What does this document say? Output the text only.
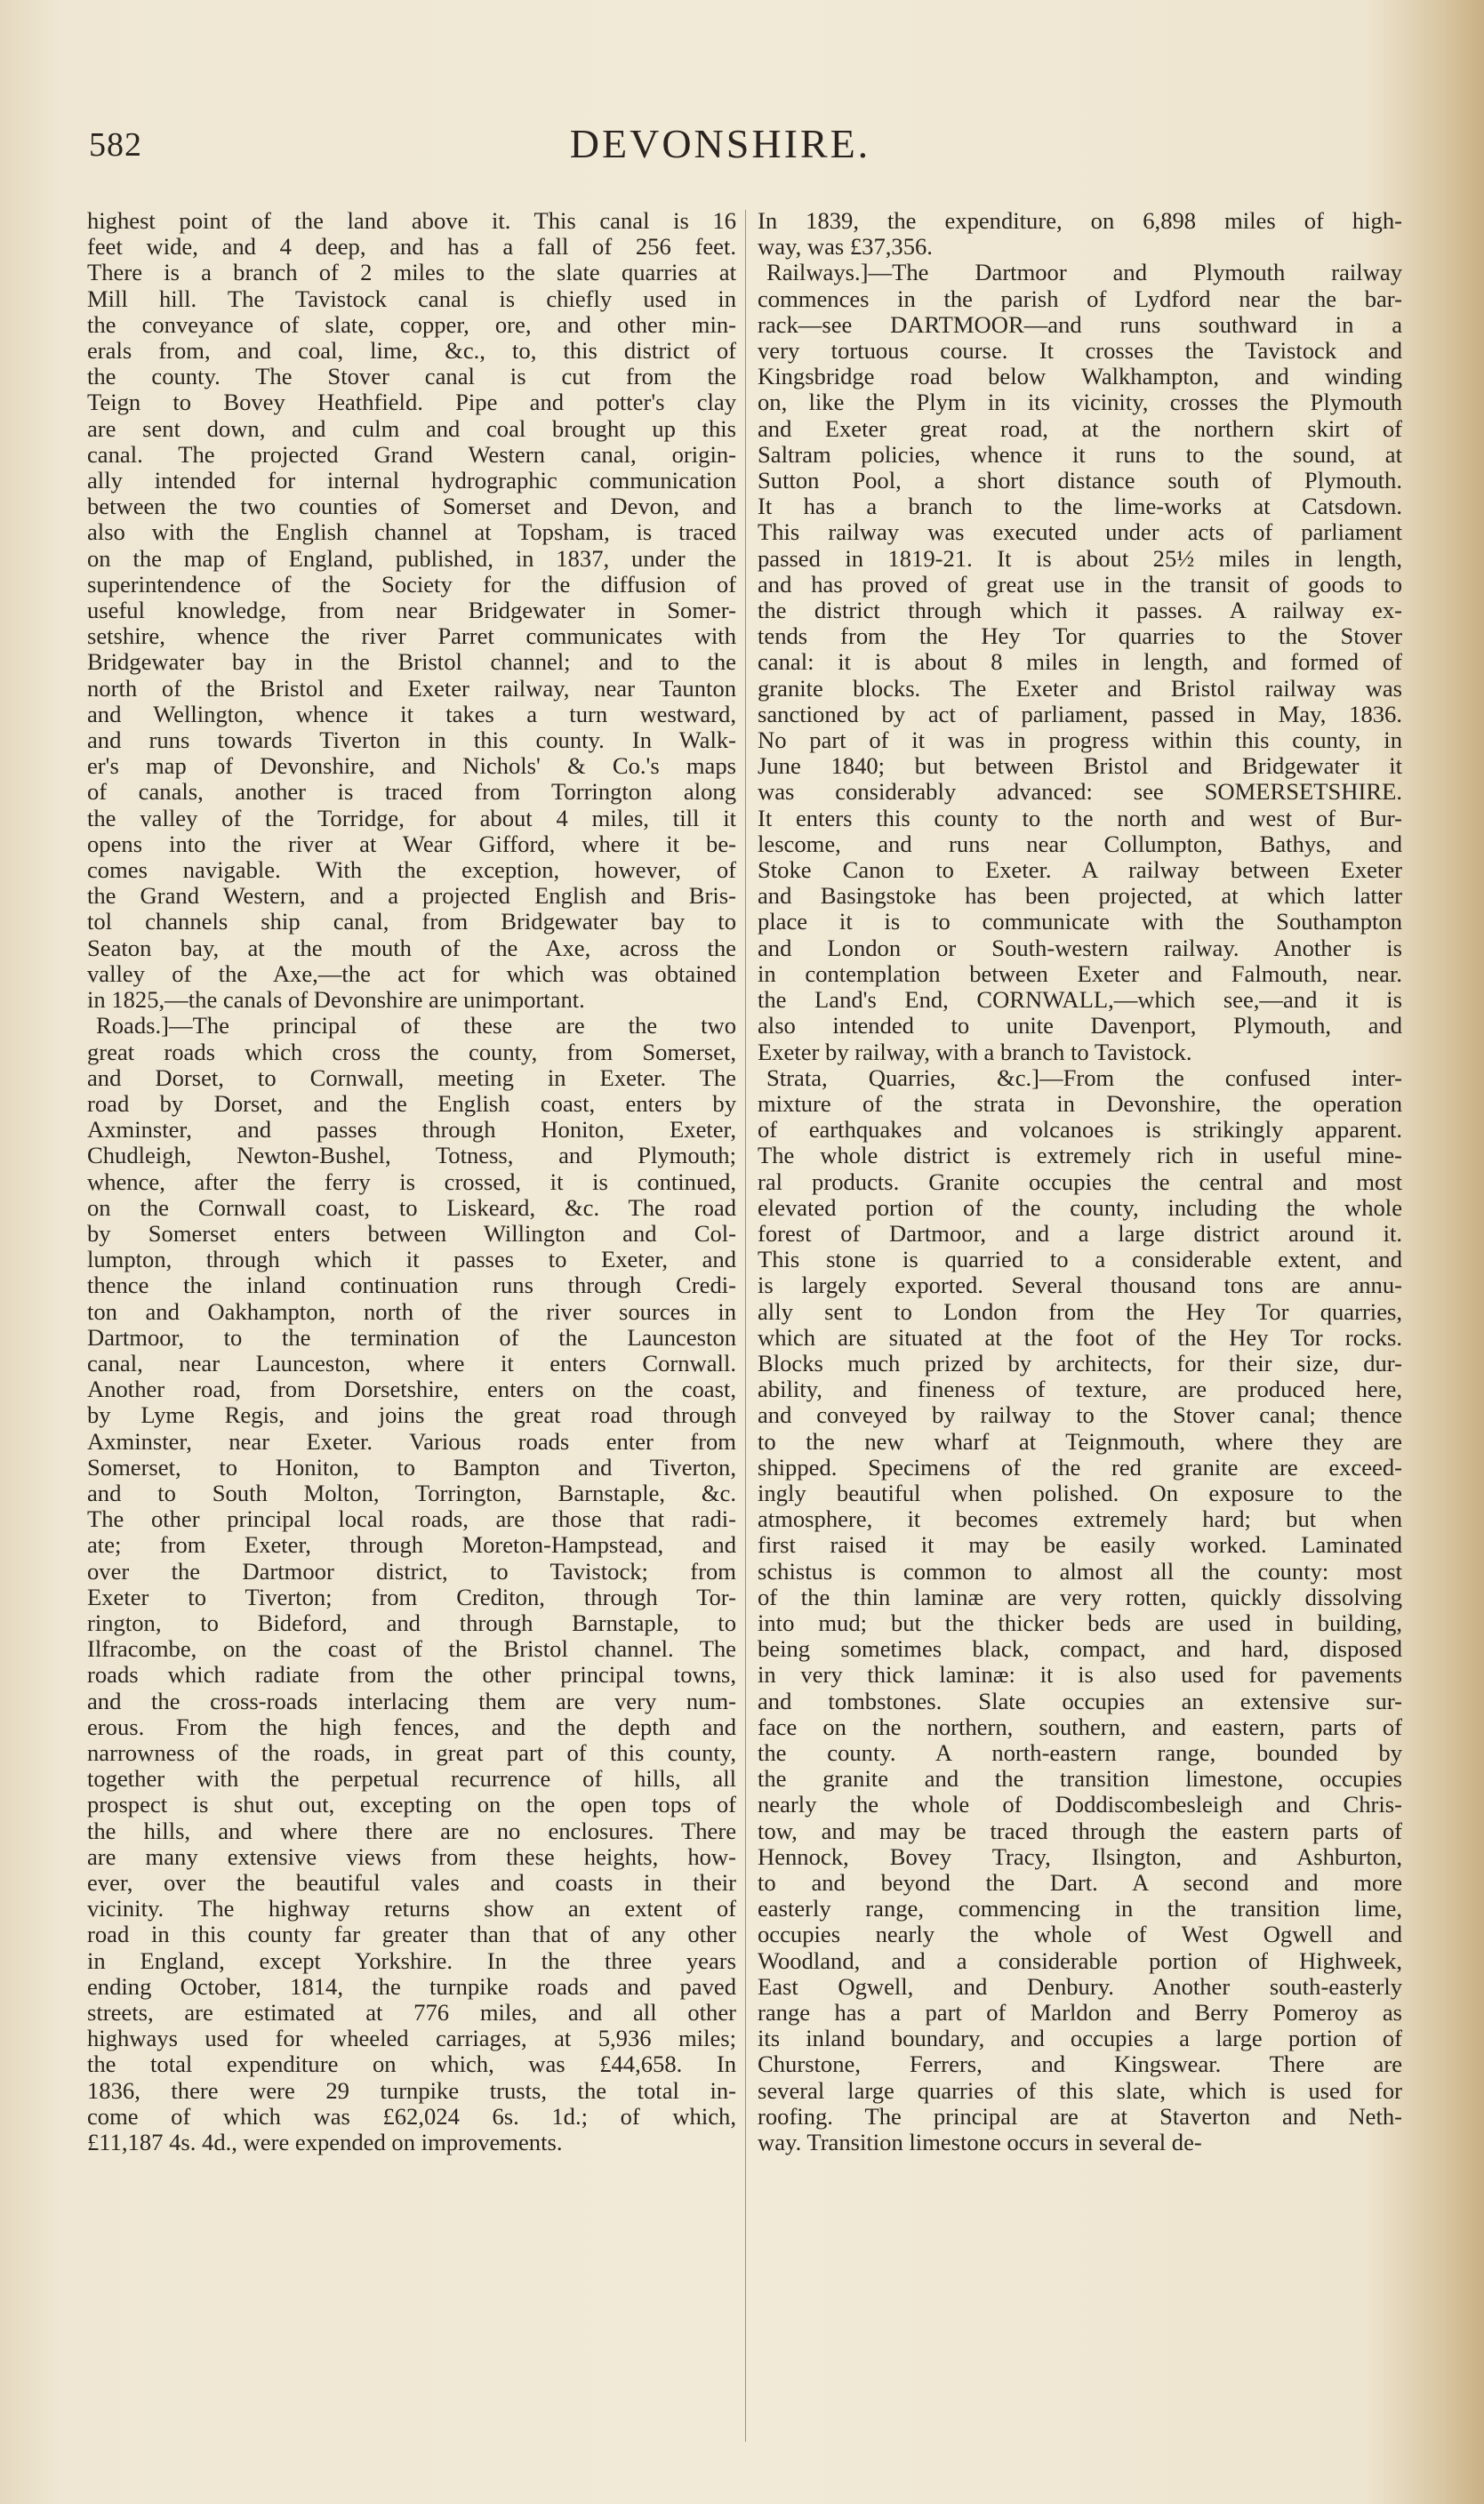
582	DEVONSHIRE.
highest point of the land above it. This canal is 16
feet wide, and 4 deep, and has a fall of 256 feet.
There is a branch of 2 miles to the slate quarries at
Mill hill. The Tavistock canal is chiefly used in
the conveyance of slate, copper, ore, and other min-
erals from, and coal, lime, &c., to, this district of
the county. The Stover canal is cut from the
Teign to Bovey Heathfield. Pipe and potter's clay
are sent down, and culm and coal brought up this
canal. The projected Grand Western canal, origin-
ally intended for internal hydrographic communication
between the two counties of Somerset and Devon, and
also with the English channel at Topsham, is traced
on the map of England, published, in 1837, under the
superintendence of the Society for the diffusion of
useful knowledge, from near Bridgewater in Somer-
setshire, whence the river Parret communicates with
Bridgewater bay in the Bristol channel; and to the
north of the Bristol and Exeter railway, near Taunton
and Wellington, whence it takes a turn westward,
and runs towards Tiverton in this county. In Walk-
er's map of Devonshire, and Nichols' & Co.'s maps
of canals, another is traced from Torrington along
the valley of the Torridge, for about 4 miles, till it
opens into the river at Wear Gifford, where it be-
comes navigable. With the exception, however, of
the Grand Western, and a projected English and Bris-
tol channels ship canal, from Bridgewater bay to
Seaton bay, at the mouth of the Axe, across the
valley of the Axe,—the act for which was obtained
in 1825,—the canals of Devonshire are unimportant.
Roads.]—The principal of these are the two
great roads which cross the county, from Somerset,
and Dorset, to Cornwall, meeting in Exeter. The
road by Dorset, and the English coast, enters by
Axminster, and passes through Honiton, Exeter,
Chudleigh, Newton-Bushel, Totness, and Plymouth;
whence, after the ferry is crossed, it is continued,
on the Cornwall coast, to Liskeard, &c. The road
by Somerset enters between Willington and Col-
lumpton, through which it passes to Exeter, and
thence the inland continuation runs through Credi-
ton and Oakhampton, north of the river sources in
Dartmoor, to the termination of the Launceston
canal, near Launceston, where it enters Cornwall.
Another road, from Dorsetshire, enters on the coast,
by Lyme Regis, and joins the great road through
Axminster, near Exeter. Various roads enter from
Somerset, to Honiton, to Bampton and Tiverton,
and to South Molton, Torrington, Barnstaple, &c.
The other principal local roads, are those that radi-
ate; from Exeter, through Moreton-Hampstead, and
over the Dartmoor district, to Tavistock; from
Exeter to Tiverton; from Crediton, through Tor-
rington, to Bideford, and through Barnstaple, to
Ilfracombe, on the coast of the Bristol channel. The
roads which radiate from the other principal towns,
and the cross-roads interlacing them are very num-
erous. From the high fences, and the depth and
narrowness of the roads, in great part of this county,
together with the perpetual recurrence of hills, all
prospect is shut out, excepting on the open tops of
the hills, and where there are no enclosures. There
are many extensive views from these heights, how-
ever, over the beautiful vales and coasts in their
vicinity. The highway returns show an extent of
road in this county far greater than that of any other
in England, except Yorkshire. In the three years
ending October, 1814, the turnpike roads and paved
streets, are estimated at 776 miles, and all other
highways used for wheeled carriages, at 5,936 miles;
the total expenditure on which, was £44,658. In
1836, there were 29 turnpike trusts, the total in-
come of which was £62,024 6s. 1d.; of which,
£11,187 4s. 4d., were expended on improvements.
In 1839, the expenditure, on 6,898 miles of high-
way, was £37,356.
Railways.]—The Dartmoor and Plymouth railway
commences in the parish of Lydford near the bar-
rack—see DARTMOOR—and runs southward in a
very tortuous course. It crosses the Tavistock and
Kingsbridge road below Walkhampton, and winding
on, like the Plym in its vicinity, crosses the Plymouth
and Exeter great road, at the northern skirt of
Saltram policies, whence it runs to the sound, at
Sutton Pool, a short distance south of Plymouth.
It has a branch to the lime-works at Catsdown.
This railway was executed under acts of parliament
passed in 1819-21. It is about 25½ miles in length,
and has proved of great use in the transit of goods to
the district through which it passes. A railway ex-
tends from the Hey Tor quarries to the Stover
canal: it is about 8 miles in length, and formed of
granite blocks. The Exeter and Bristol railway was
sanctioned by act of parliament, passed in May, 1836.
No part of it was in progress within this county, in
June 1840; but between Bristol and Bridgewater it
was considerably advanced: see SOMERSETSHIRE.
It enters this county to the north and west of Bur-
lescome, and runs near Collumpton, Bathys, and
Stoke Canon to Exeter. A railway between Exeter
and Basingstoke has been projected, at which latter
place it is to communicate with the Southampton
and London or South-western railway. Another is
in contemplation between Exeter and Falmouth, near.
the Land's End, CORNWALL,—which see,—and it is
also intended to unite Davenport, Plymouth, and
Exeter by railway, with a branch to Tavistock.
Strata, Quarries, &c.]—From the confused inter-
mixture of the strata in Devonshire, the operation
of earthquakes and volcanoes is strikingly apparent.
The whole district is extremely rich in useful mine-
ral products. Granite occupies the central and most
elevated portion of the county, including the whole
forest of Dartmoor, and a large district around it.
This stone is quarried to a considerable extent, and
is largely exported. Several thousand tons are annu-
ally sent to London from the Hey Tor quarries,
which are situated at the foot of the Hey Tor rocks.
Blocks much prized by architects, for their size, dur-
ability, and fineness of texture, are produced here,
and conveyed by railway to the Stover canal; thence
to the new wharf at Teignmouth, where they are
shipped. Specimens of the red granite are exceed-
ingly beautiful when polished. On exposure to the
atmosphere, it becomes extremely hard; but when
first raised it may be easily worked. Laminated
schistus is common to almost all the county: most
of the thin laminæ are very rotten, quickly dissolving
into mud; but the thicker beds are used in building,
being sometimes black, compact, and hard, disposed
in very thick laminæ: it is also used for pavements
and tombstones. Slate occupies an extensive sur-
face on the northern, southern, and eastern, parts of
the county. A north-eastern range, bounded by
the granite and the transition limestone, occupies
nearly the whole of Doddiscombesleigh and Chris-
tow, and may be traced through the eastern parts of
Hennock, Bovey Tracy, Ilsington, and Ashburton,
to and beyond the Dart. A second and more
easterly range, commencing in the transition lime,
occupies nearly the whole of West Ogwell and
Woodland, and a considerable portion of Highweek,
East Ogwell, and Denbury. Another south-easterly
range has a part of Marldon and Berry Pomeroy as
its inland boundary, and occupies a large portion of
Churstone, Ferrers, and Kingswear. There are
several large quarries of this slate, which is used for
roofing. The principal are at Staverton and Neth-
way. Transition limestone occurs in several de-
